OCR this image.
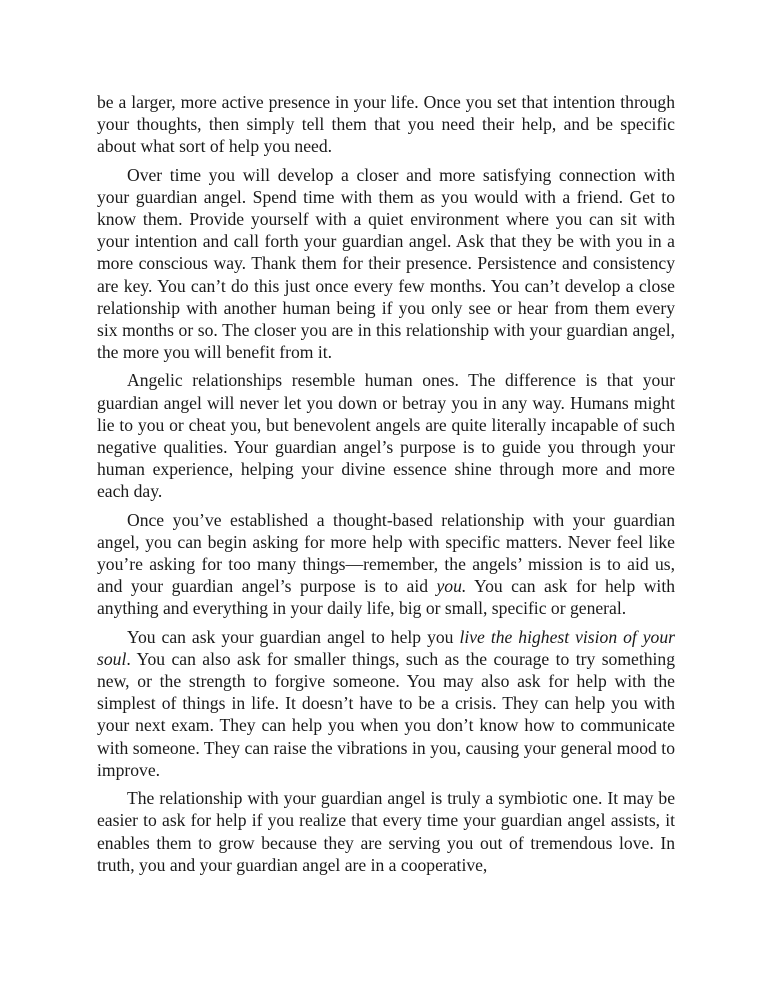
be a larger, more active presence in your life. Once you set that intention through your thoughts, then simply tell them that you need their help, and be specific about what sort of help you need.

Over time you will develop a closer and more satisfying connection with your guardian angel. Spend time with them as you would with a friend. Get to know them. Provide yourself with a quiet environment where you can sit with your intention and call forth your guardian angel. Ask that they be with you in a more conscious way. Thank them for their presence. Persistence and consistency are key. You can’t do this just once every few months. You can’t develop a close relationship with another human being if you only see or hear from them every six months or so. The closer you are in this relationship with your guardian angel, the more you will benefit from it.

Angelic relationships resemble human ones. The difference is that your guardian angel will never let you down or betray you in any way. Humans might lie to you or cheat you, but benevolent angels are quite literally incapable of such negative qualities. Your guardian angel’s purpose is to guide you through your human experience, helping your divine essence shine through more and more each day.

Once you’ve established a thought-based relationship with your guardian angel, you can begin asking for more help with specific matters. Never feel like you’re asking for too many things—remember, the angels’ mission is to aid us, and your guardian angel’s purpose is to aid you. You can ask for help with anything and everything in your daily life, big or small, specific or general.

You can ask your guardian angel to help you live the highest vision of your soul. You can also ask for smaller things, such as the courage to try something new, or the strength to forgive someone. You may also ask for help with the simplest of things in life. It doesn’t have to be a crisis. They can help you with your next exam. They can help you when you don’t know how to communicate with someone. They can raise the vibrations in you, causing your general mood to improve.

The relationship with your guardian angel is truly a symbiotic one. It may be easier to ask for help if you realize that every time your guardian angel assists, it enables them to grow because they are serving you out of tremendous love. In truth, you and your guardian angel are in a cooperative,
